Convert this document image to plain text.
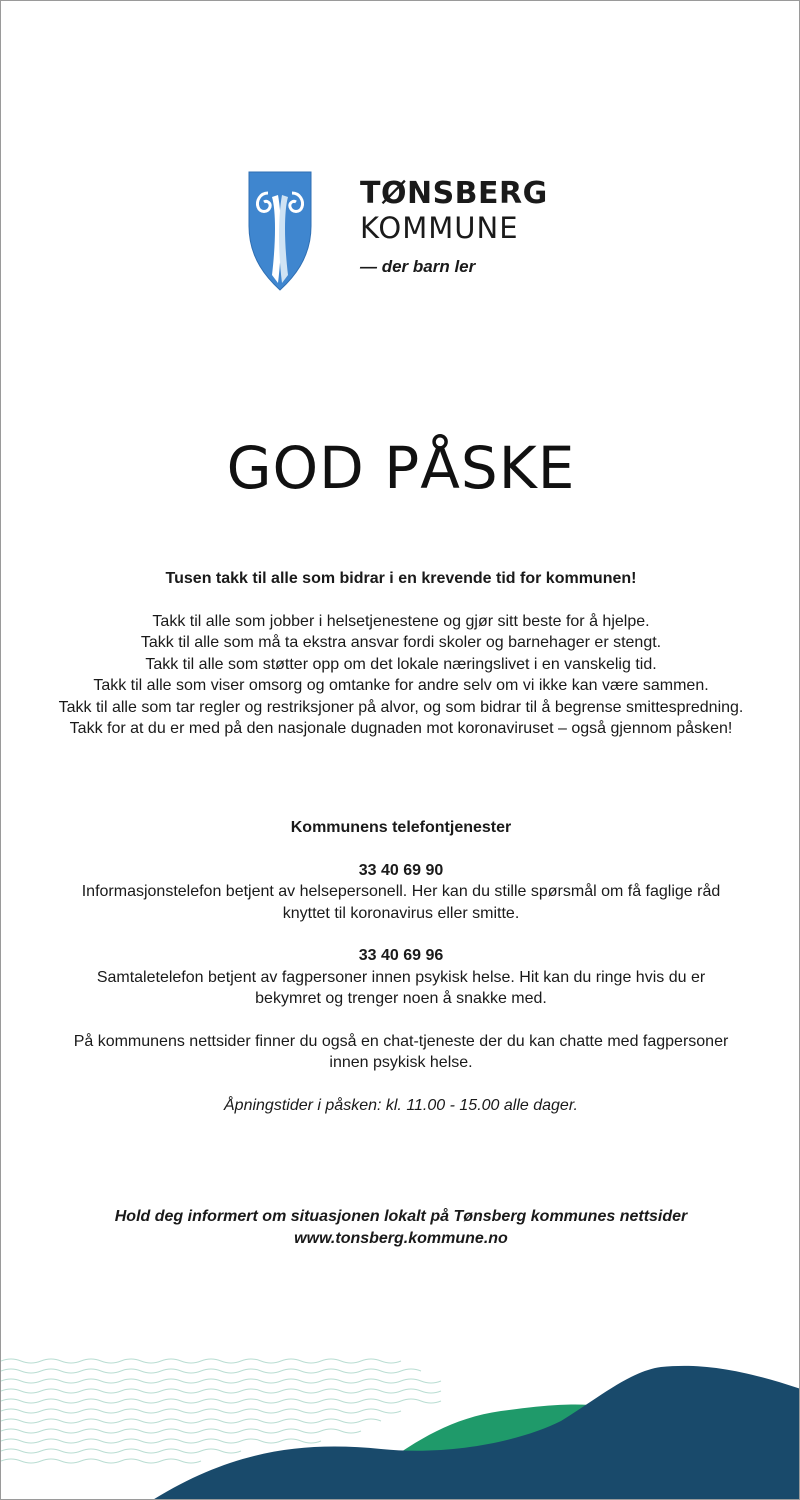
TØNSBERG
KOMMUNE
— der barn ler
GOD PÅSKE
Tusen takk til alle som bidrar i en krevende tid for kommunen!
Takk til alle som jobber i helsetjenestene og gjør sitt beste for å hjelpe.
Takk til alle som må ta ekstra ansvar fordi skoler og barnehager er stengt.
Takk til alle som støtter opp om det lokale næringslivet i en vanskelig tid.
Takk til alle som viser omsorg og omtanke for andre selv om vi ikke kan være sammen.
Takk til alle som tar regler og restriksjoner på alvor, og som bidrar til å begrense smittespredning.
Takk for at du er med på den nasjonale dugnaden mot koronaviruset – også gjennom påsken!
Kommunens telefontjenester
33 40 69 90
Informasjonstelefon betjent av helsepersonell. Her kan du stille spørsmål om få faglige råd
knyttet til koronavirus eller smitte.
33 40 69 96
Samtaletelefon betjent av fagpersoner innen psykisk helse. Hit kan du ringe hvis du er
bekymret og trenger noen å snakke med.
På kommunens nettsider finner du også en chat-tjeneste der du kan chatte med fagpersoner
innen psykisk helse.
Åpningstider i påsken: kl. 11.00 - 15.00 alle dager.
Hold deg informert om situasjonen lokalt på Tønsberg kommunes nettsider
www.tonsberg.kommune.no
